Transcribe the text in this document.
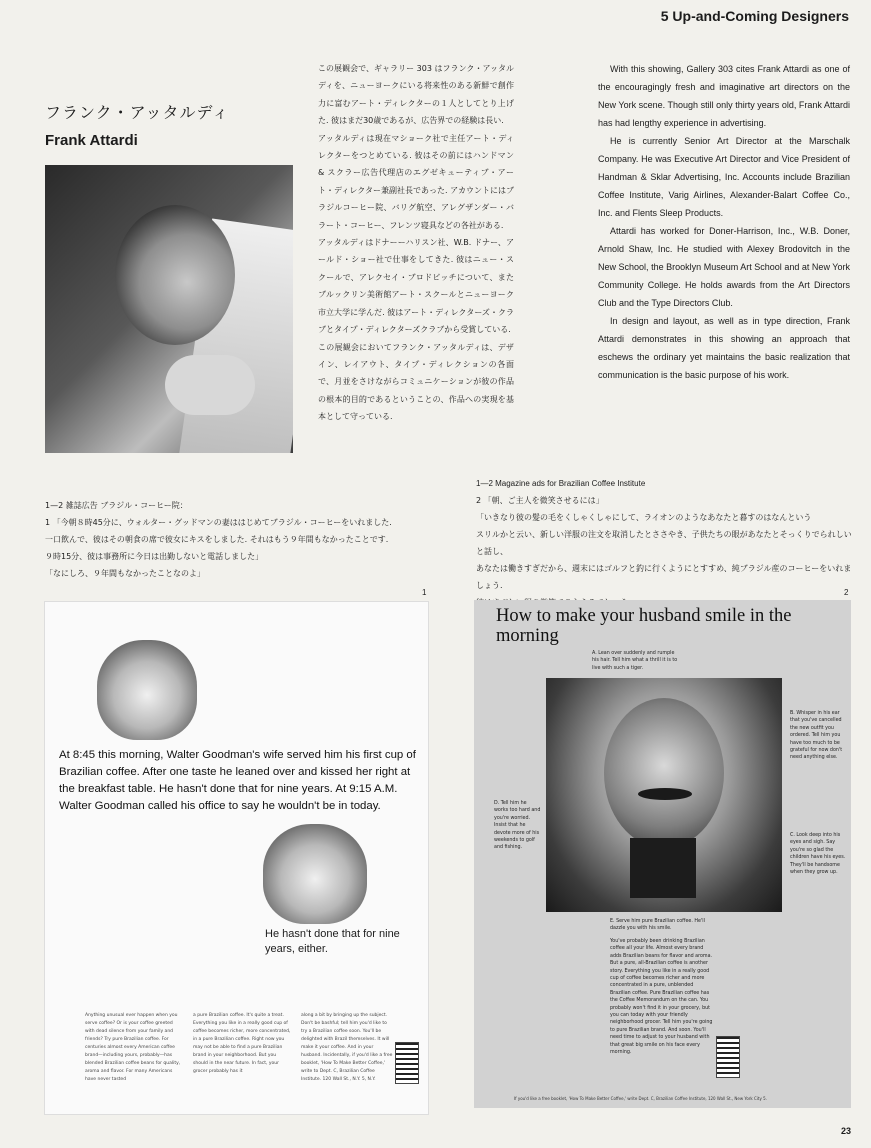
5 Up-and-Coming Designers
フランク・アッタルディ
Frank Attardi

この展観会で、ギャラリー 303 はフランク・アッタルディを、ニューヨークにいる将来性のある新鮮で創作力に富むアート・ディレクターの１人としてとり上げた. 彼はまだ30歳であるが、広告界での経験は長い.

アッタルディは現在マショーク社で主任アート・ディレクターをつとめている. 彼はその前にはハンドマン & スクラー広告代理店のエグゼキューティブ・アート・ディレクター兼副社長であった. アカウントにはブラジルコーヒー院、バリグ航空、アレグザンダー・バラート・コーヒー、フレンツ寝具などの各社がある.

アッタルディはドナーーハリスン社、W.B. ドナー、アールド・ショー社で仕事をしてきた. 彼はニュー・スクールで、アレクセイ・ブロドビッチについて、またブルックリン美術館アート・スクールとニューヨーク市立大学に学んだ. 彼はアート・ディレクターズ・クラブとタイプ・ディレクターズクラブから受賞している.

この展観会においてフランク・アッタルディは、デザイン、レイアウト、タイプ・ディレクションの各面で、月並をさけながらコミュニケーションが彼の作品の根本的目的であるということの、作品への実現を基本として守っている.

With this showing, Gallery 303 cites Frank Attardi as one of the encouragingly fresh and imaginative art directors on the New York scene. Though still only thirty years old, Frank Attardi has had lengthy experience in advertising.

He is currently Senior Art Director at the Marschalk Company. He was Executive Art Director and Vice President of Handman & Sklar Advertising, Inc. Accounts include Brazilian Coffee Institute, Varig Airlines, Alexander-Balart Coffee Co., Inc. and Flents Sleep Products.

Attardi has worked for Doner-Harrison, Inc., W.B. Doner, Arnold Shaw, Inc. He studied with Alexey Brodovitch in the New School, the Brooklyn Museum Art School and at New York Community College. He holds awards from the Art Directors Club and the Type Directors Club.

In design and layout, as well as in type direction, Frank Attardi demonstrates in this showing an approach that eschews the ordinary yet maintains the basic realization that communication is the basic purpose of his work.

1—2 雑誌広告 ブラジル・コーヒー院：
1 「今朝８時45分に、ウォルター・グッドマンの妻ははじめてブラジル・コーヒーをいれました.
一口飲んで、彼はその朝食の席で彼女にキスをしました. それはもう９年間もなかったことです.
９時15分、彼は事務所に今日は出勤しないと電話しました」
「なにしろ、９年間もなかったことなのよ」
1—2 Magazine ads for Brazilian Coffee Institute
2 「朝、ご主人を微笑させるには」
「いきなり彼の髪の毛をくしゃくしゃにして、ライオンのようなあなたと暮すのはなんという
スリルかと云い、新しい洋服の注文を取消したとささやき、子供たちの眼があなたとそっくりでられしいと話し、
あなたは働きすぎだから、週末にはゴルフと釣に行くようにとすすめ、純ブラジル産のコーヒーをいれましょう.
1	2
At 8:45 this morning, Walter Goodman's wife served him his first cup of Brazilian coffee. After one taste he leaned over and kissed her right at the breakfast table. He hasn't done that for nine years. At 9:15 A.M. Walter Goodman called his office to say he wouldn't be in today.
He hasn't done that for nine years, either.
Anything unusual ever happen when you serve coffee? Or is your coffee greeted with dead silence from your family and friends? Try pure Brazilian coffee. For centuries almost every American coffee brand—including yours, probably—has blended Brazilian coffee beans for quality, aroma and flavor. For many Americans have never tasted
a pure Brazilian coffee. It's quite a treat. Everything you like in a really good cup of coffee becomes richer, more concentrated, in a pure Brazilian coffee. Right now you may not be able to find a pure Brazilian brand in your neighborhood. But you should in the near future. In fact, your grocer probably has it
along a bit by bringing up the subject. Don't be bashful; tell him you'd like to try a Brazilian coffee soon. You'll be delighted with Brazil themselves. It will make it your coffee. And in your husband. Incidentally, if you'd like a free booklet, 'How To Make Better Coffee,' write to Dept. C, Brazilian Coffee Institute. 120 Wall St., N.Y. 5, N.Y.
How to make your husband smile in the morning
A. Lean over suddenly and rumple his hair. Tell him what a thrill it is to live with such a tiger.
B. Whisper in his ear that you've cancelled the new outfit you ordered. Tell him you have too much to be grateful for now don't need anything else.
D. Tell him he works too hard and you're worried. Insist that he devote more of his weekends to golf and fishing.
C. Look deep into his eyes and sigh. Say you're so glad the children have his eyes. They'll be handsome when they grow up.
E. Serve him pure Brazilian coffee. He'll dazzle you with his smile.
You've probably been drinking Brazilian coffee all your life. Almost every brand adds Brazilian beans for flavor and aroma. But a pure, all-Brazilian coffee is another story. Everything you like in a really good cup of coffee becomes richer and more concentrated in a pure, unblended Brazilian coffee. Pure Brazilian coffee has the Coffee Memorandum on the can. You probably won't find it in your grocery, but you can today with your friendly neighborhood grocer. Tell him you're going to pure Brazilian brand. And soon. You'll need time to adjust to your husband with that great big smile on his face every morning.
If you'd like a free booklet, 'How To Make Better Coffee,' write Dept. C, Brazilian Coffee Institute, 120 Wall St., New York City 5.
23
